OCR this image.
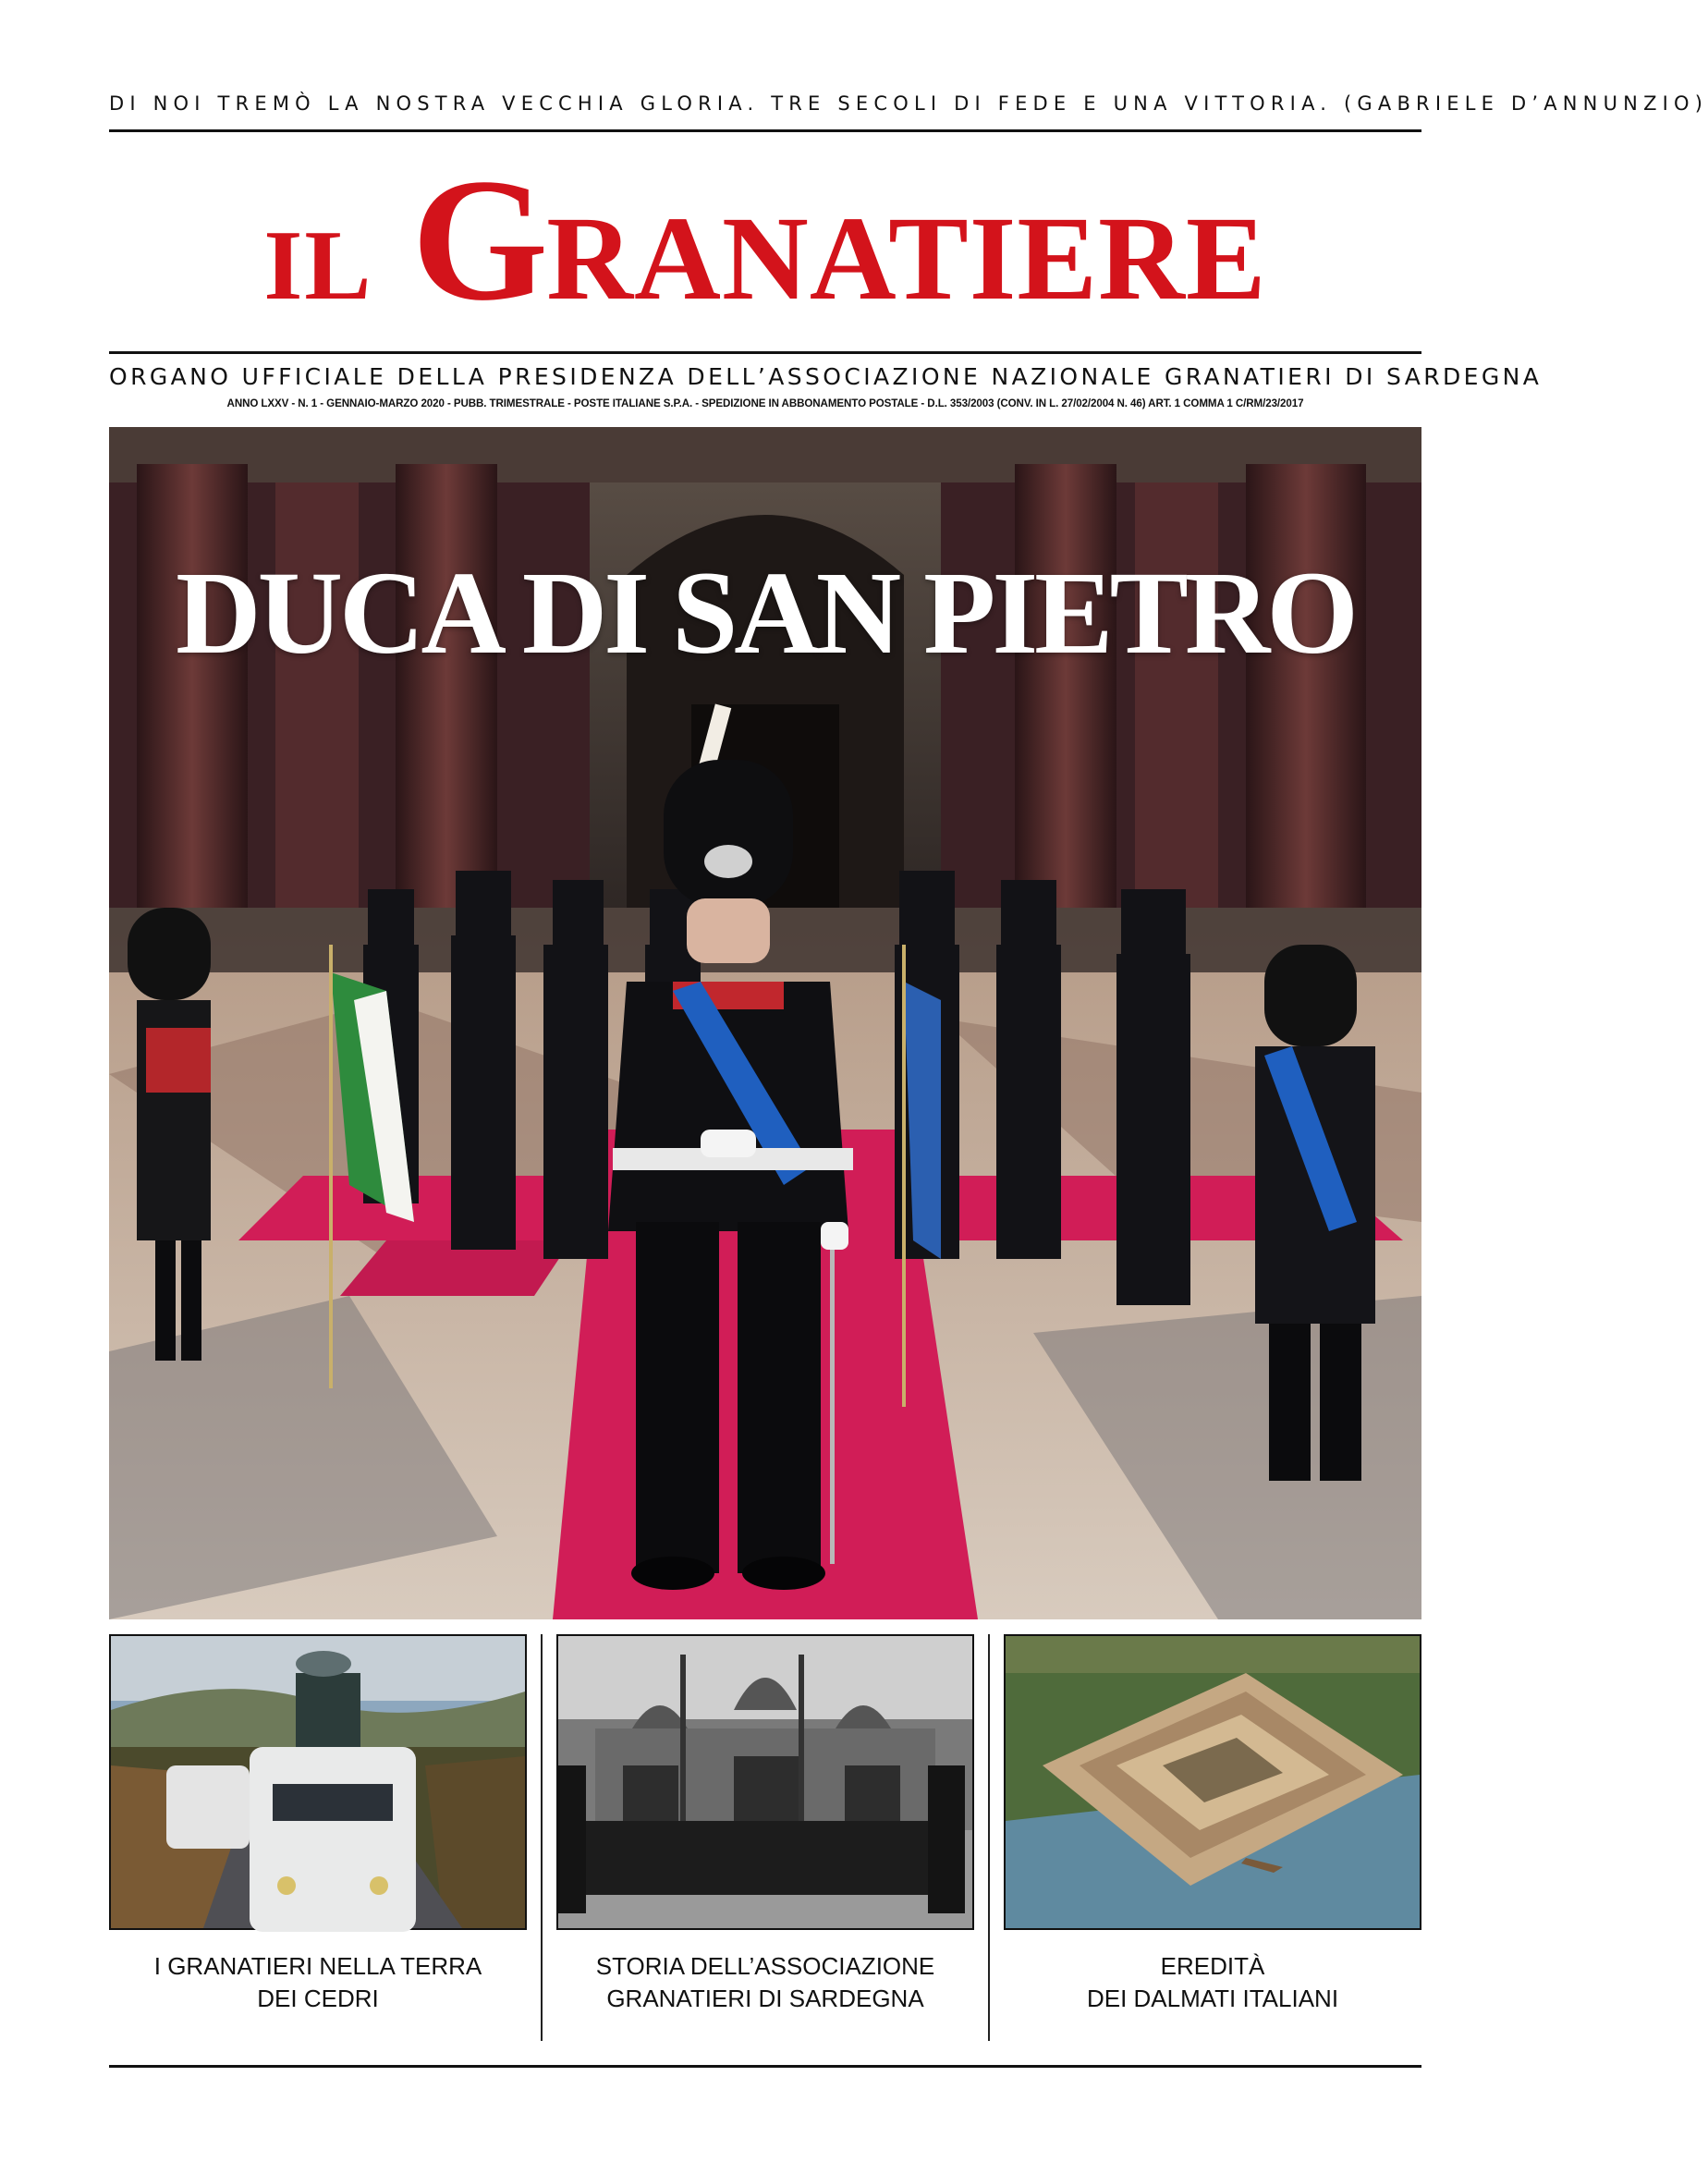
DI NOI TREMÒ LA NOSTRA VECCHIA GLORIA. TRE SECOLI DI FEDE E UNA VITTORIA. (GABRIELE D’ANNUNZIO)
IL GRANATIERE
ORGANO UFFICIALE DELLA PRESIDENZA DELL’ASSOCIAZIONE NAZIONALE GRANATIERI DI SARDEGNA
ANNO LXXV - N. 1 - GENNAIO-MARZO 2020 - PUBB. TRIMESTRALE - POSTE ITALIANE S.P.A. - SPEDIZIONE IN ABBONAMENTO POSTALE - D.L. 353/2003 (CONV. IN L. 27/02/2004 N. 46) ART. 1 COMMA 1 C/RM/23/2017
DUCA DI SAN PIETRO
I GRANATIERI NELLA TERRA
DEI CEDRI
STORIA DELL’ASSOCIAZIONE
GRANATIERI DI SARDEGNA
EREDITÀ
DEI DALMATI ITALIANI
